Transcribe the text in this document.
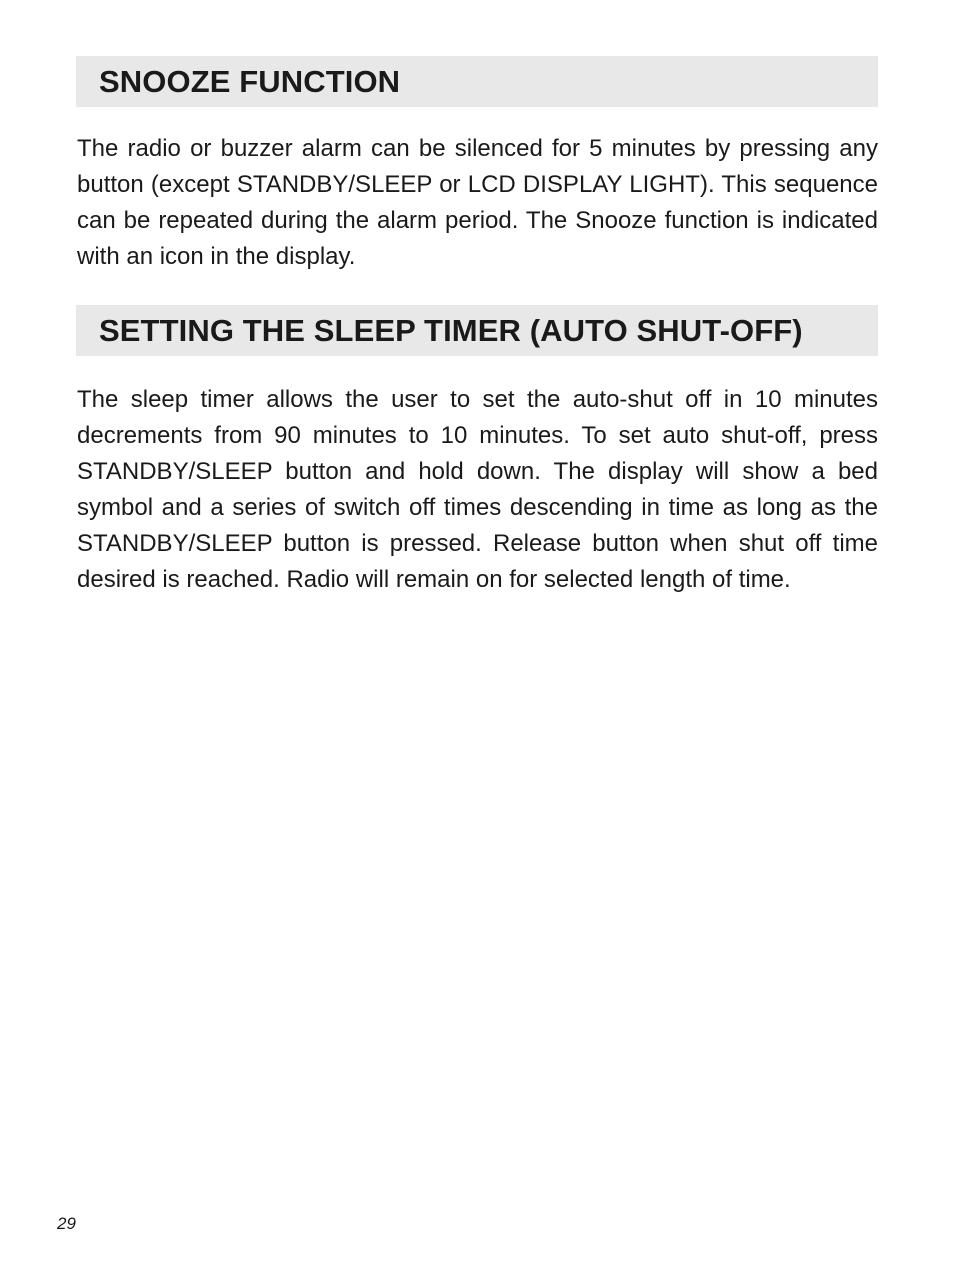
SNOOZE FUNCTION

The radio or buzzer alarm can be silenced for 5 minutes by pressing any button (except STANDBY/SLEEP or LCD DISPLAY LIGHT). This sequence can be repeated during the alarm period. The Snooze function is indicated with an icon in the display.

SETTING THE SLEEP TIMER (AUTO SHUT-OFF)

The sleep timer allows the user to set the auto-shut off in 10 minutes decrements from 90 minutes to 10 minutes. To set auto shut-off, press STANDBY/SLEEP button and hold down. The display will show a bed symbol and a series of switch off times descending in time as long as the STANDBY/SLEEP button is pressed. Release button when shut off time desired is reached. Radio will remain on for selected length of time.

29
